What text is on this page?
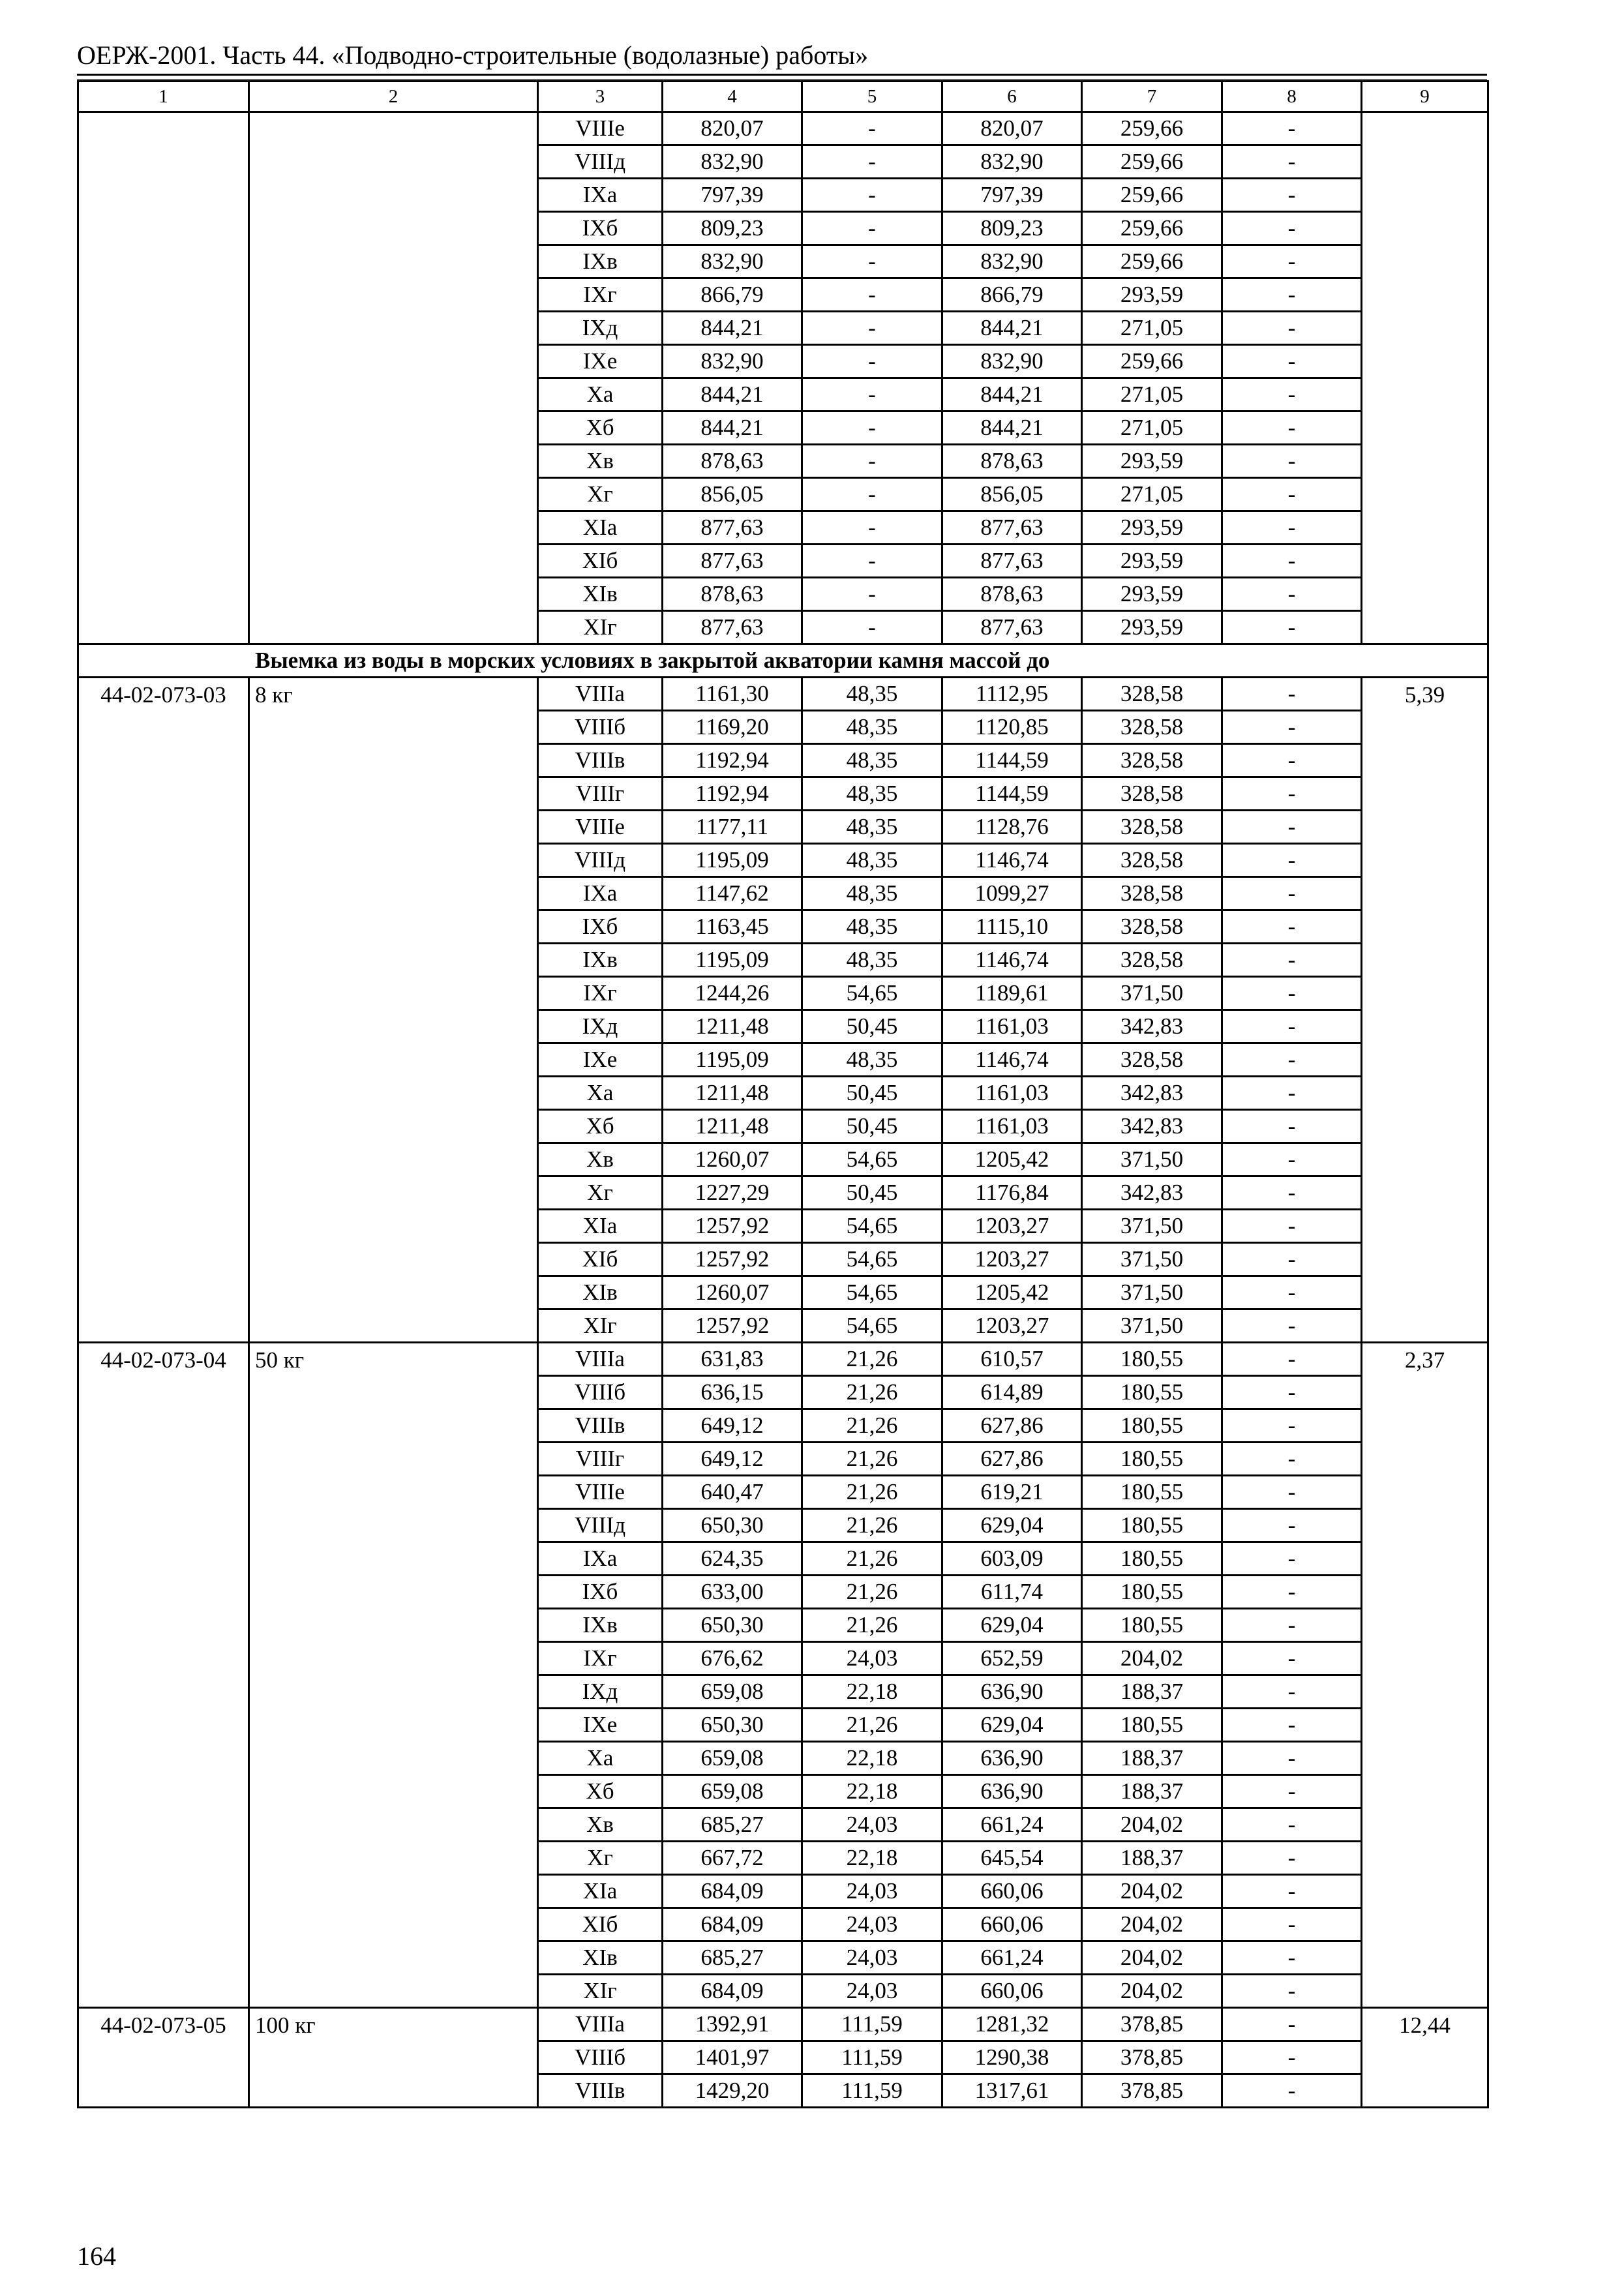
ОЕРЖ-2001. Часть 44. «Подводно-строительные (водолазные) работы»
1	2	3	4	5	6	7	8	9
		VIIIе	820,07	-	820,07	259,66	-	
		VIIIд	832,90	-	832,90	259,66	-	
		IXа	797,39	-	797,39	259,66	-	
		IXб	809,23	-	809,23	259,66	-	
		IXв	832,90	-	832,90	259,66	-	
		IXг	866,79	-	866,79	293,59	-	
		IXд	844,21	-	844,21	271,05	-	
		IXе	832,90	-	832,90	259,66	-	
		Xа	844,21	-	844,21	271,05	-	
		Xб	844,21	-	844,21	271,05	-	
		Xв	878,63	-	878,63	293,59	-	
		Xг	856,05	-	856,05	271,05	-	
		XIа	877,63	-	877,63	293,59	-	
		XIб	877,63	-	877,63	293,59	-	
		XIв	878,63	-	878,63	293,59	-	
		XIг	877,63	-	877,63	293,59	-	
Выемка из воды в морских условиях в закрытой акватории камня массой до								
44-02-073-03	8 кг	VIIIа	1161,30	48,35	1112,95	328,58	-	5,39
		VIIIб	1169,20	48,35	1120,85	328,58	-	
		VIIIв	1192,94	48,35	1144,59	328,58	-	
		VIIIг	1192,94	48,35	1144,59	328,58	-	
		VIIIе	1177,11	48,35	1128,76	328,58	-	
		VIIIд	1195,09	48,35	1146,74	328,58	-	
		IXа	1147,62	48,35	1099,27	328,58	-	
		IXб	1163,45	48,35	1115,10	328,58	-	
		IXв	1195,09	48,35	1146,74	328,58	-	
		IXг	1244,26	54,65	1189,61	371,50	-	
		IXд	1211,48	50,45	1161,03	342,83	-	
		IXе	1195,09	48,35	1146,74	328,58	-	
		Xа	1211,48	50,45	1161,03	342,83	-	
		Xб	1211,48	50,45	1161,03	342,83	-	
		Xв	1260,07	54,65	1205,42	371,50	-	
		Xг	1227,29	50,45	1176,84	342,83	-	
		XIа	1257,92	54,65	1203,27	371,50	-	
		XIб	1257,92	54,65	1203,27	371,50	-	
		XIв	1260,07	54,65	1205,42	371,50	-	
		XIг	1257,92	54,65	1203,27	371,50	-	
44-02-073-04	50 кг	VIIIа	631,83	21,26	610,57	180,55	-	2,37
		VIIIб	636,15	21,26	614,89	180,55	-	
		VIIIв	649,12	21,26	627,86	180,55	-	
		VIIIг	649,12	21,26	627,86	180,55	-	
		VIIIе	640,47	21,26	619,21	180,55	-	
		VIIIд	650,30	21,26	629,04	180,55	-	
		IXа	624,35	21,26	603,09	180,55	-	
		IXб	633,00	21,26	611,74	180,55	-	
		IXв	650,30	21,26	629,04	180,55	-	
		IXг	676,62	24,03	652,59	204,02	-	
		IXд	659,08	22,18	636,90	188,37	-	
		IXе	650,30	21,26	629,04	180,55	-	
		Xа	659,08	22,18	636,90	188,37	-	
		Xб	659,08	22,18	636,90	188,37	-	
		Xв	685,27	24,03	661,24	204,02	-	
		Xг	667,72	22,18	645,54	188,37	-	
		XIа	684,09	24,03	660,06	204,02	-	
		XIб	684,09	24,03	660,06	204,02	-	
		XIв	685,27	24,03	661,24	204,02	-	
		XIг	684,09	24,03	660,06	204,02	-	
44-02-073-05	100 кг	VIIIа	1392,91	111,59	1281,32	378,85	-	12,44
		VIIIб	1401,97	111,59	1290,38	378,85	-	
		VIIIв	1429,20	111,59	1317,61	378,85	-	
164
